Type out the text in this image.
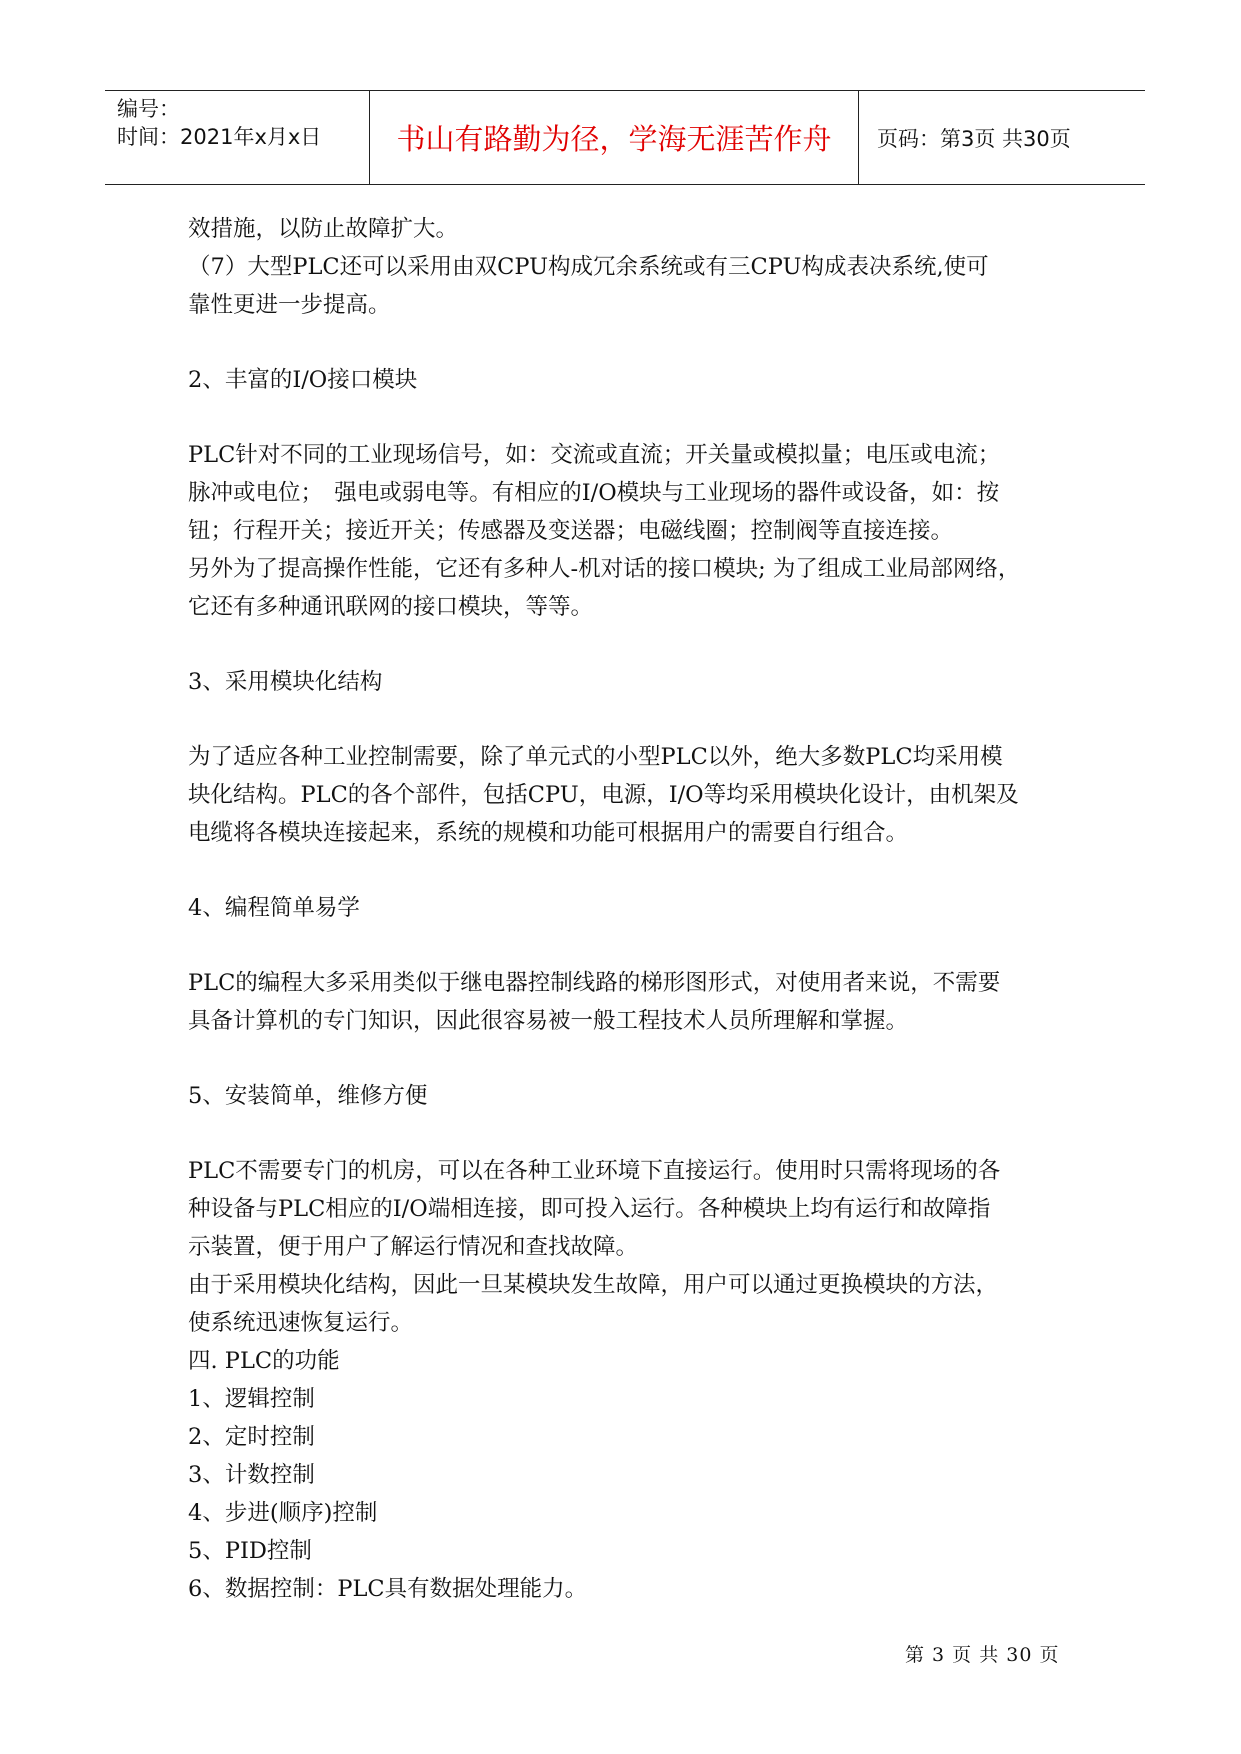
编号：
时间：2021年x月x日	书山有路勤为径，学海无涯苦作舟	页码：第3页 共30页
效措施，以防止故障扩大。
（7）大型PLC还可以采用由双CPU构成冗余系统或有三CPU构成表决系统,使可
靠性更进一步提高。
2、丰富的I/O接口模块
PLC针对不同的工业现场信号，如：交流或直流；开关量或模拟量；电压或电流；
脉冲或电位；　强电或弱电等。有相应的I/O模块与工业现场的器件或设备，如：按
钮；行程开关；接近开关；传感器及变送器；电磁线圈；控制阀等直接连接。
另外为了提高操作性能，它还有多种人-机对话的接口模块; 为了组成工业局部网络，
它还有多种通讯联网的接口模块，等等。
3、采用模块化结构
为了适应各种工业控制需要，除了单元式的小型PLC以外，绝大多数PLC均采用模
块化结构。PLC的各个部件，包括CPU，电源，I/O等均采用模块化设计，由机架及
电缆将各模块连接起来，系统的规模和功能可根据用户的需要自行组合。
4、编程简单易学
PLC的编程大多采用类似于继电器控制线路的梯形图形式，对使用者来说，不需要
具备计算机的专门知识，因此很容易被一般工程技术人员所理解和掌握。
5、安装简单，维修方便
PLC不需要专门的机房，可以在各种工业环境下直接运行。使用时只需将现场的各
种设备与PLC相应的I/O端相连接，即可投入运行。各种模块上均有运行和故障指
示装置，便于用户了解运行情况和查找故障。
由于采用模块化结构，因此一旦某模块发生故障，用户可以通过更换模块的方法，
使系统迅速恢复运行。
四. PLC的功能
1、逻辑控制
2、定时控制
3、计数控制
4、步进(顺序)控制
5、PID控制
6、数据控制：PLC具有数据处理能力。
第 3 页 共 30 页
